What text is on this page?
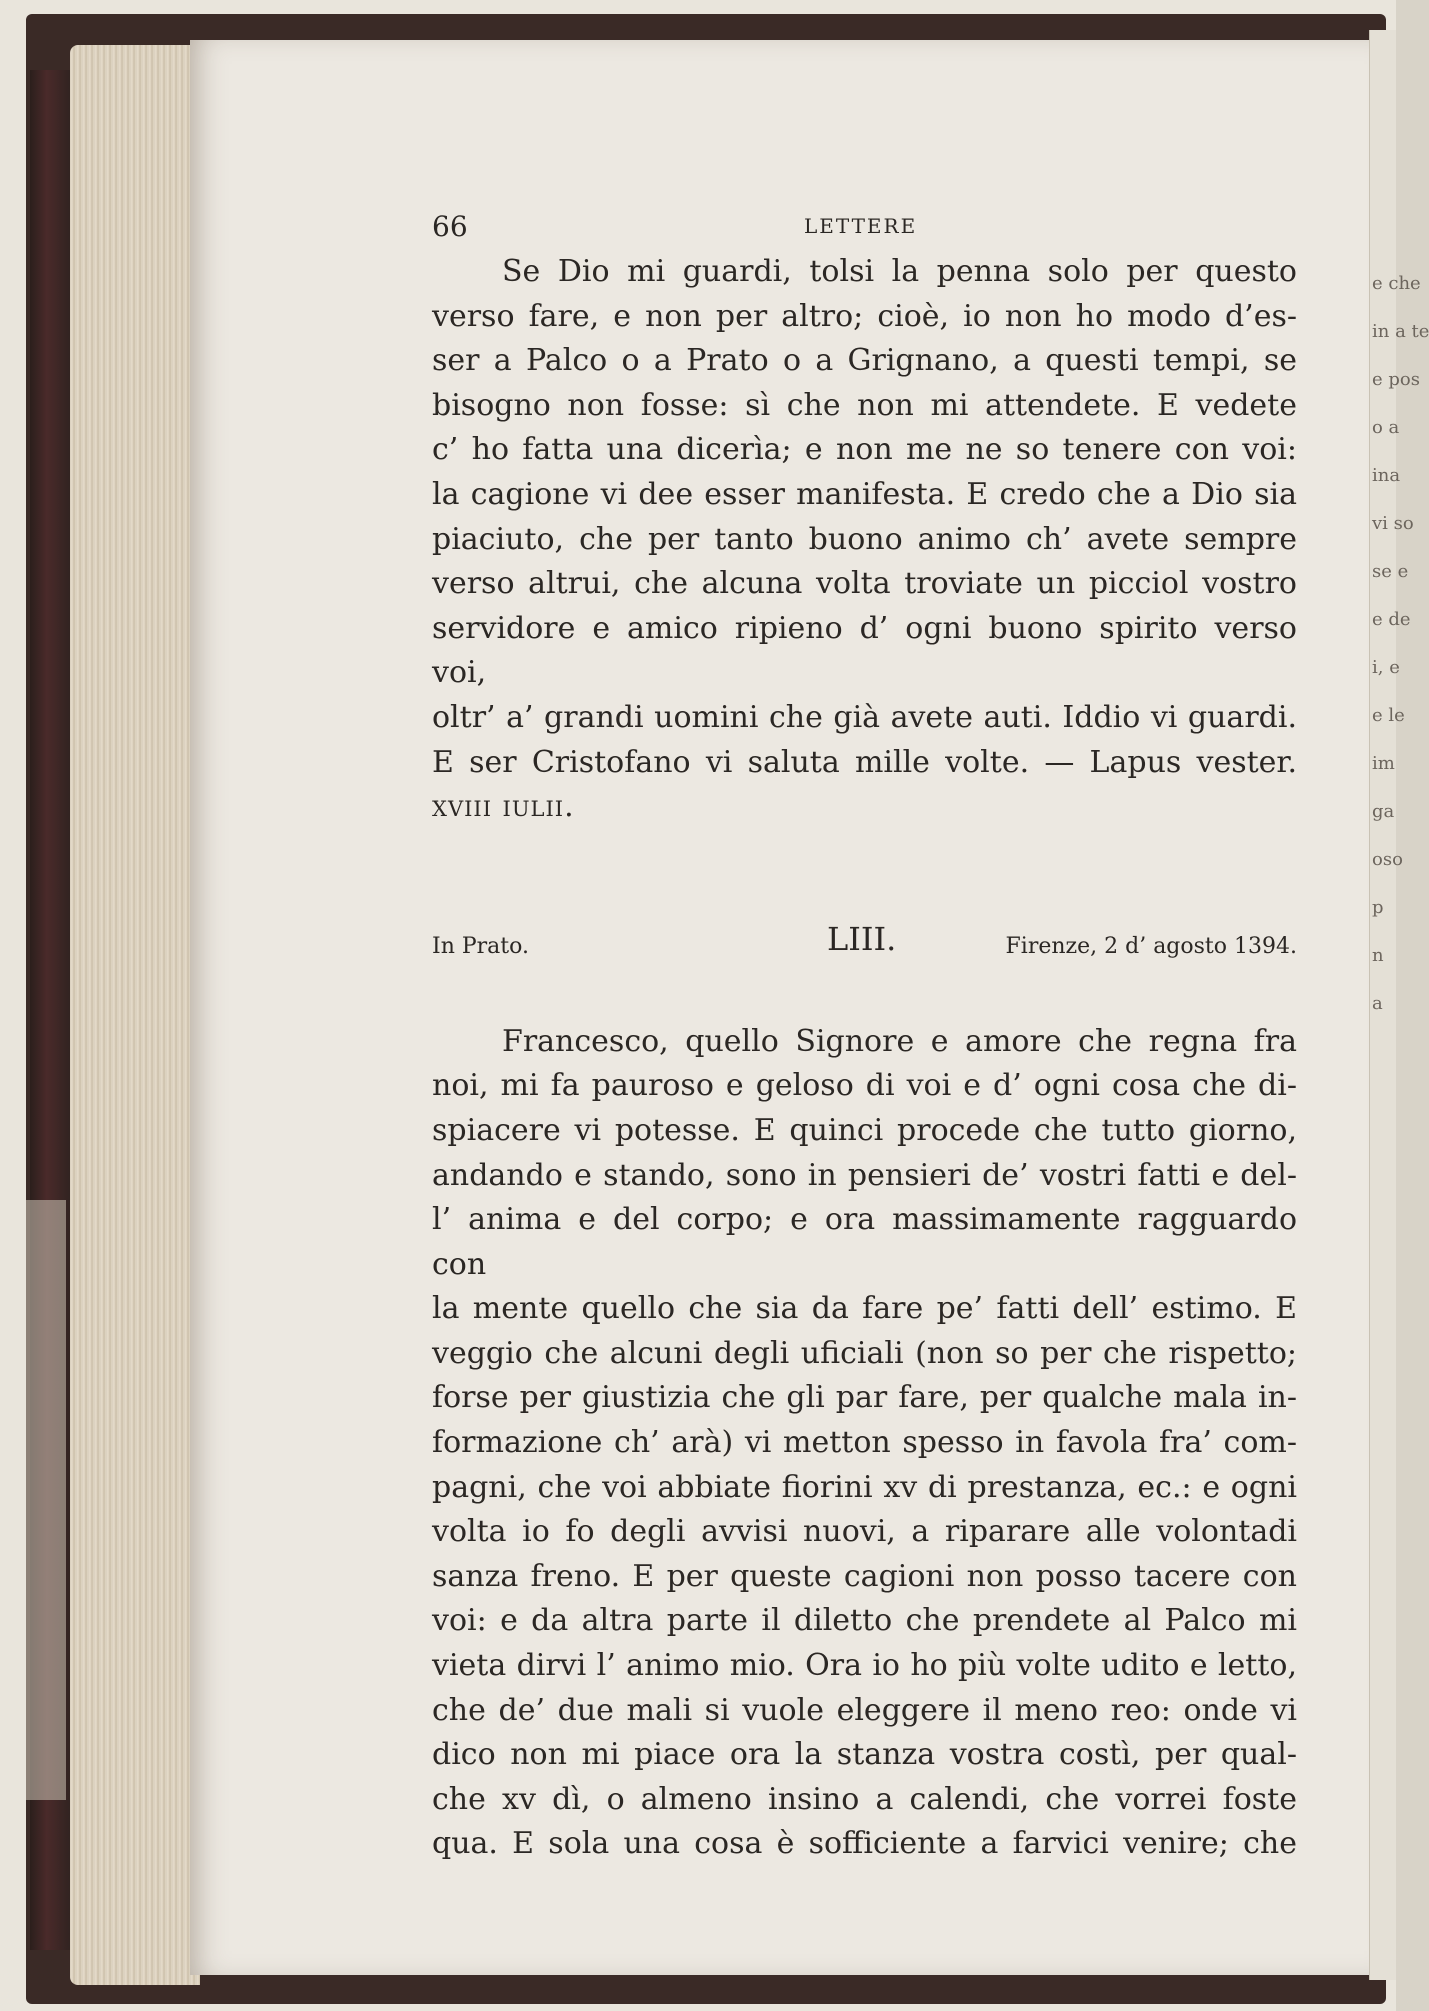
e che
in a te
e pos
o a
ina
vi so
se e
e de
i, e
e le
im
ga
oso
p
n
a
66	LETTERE

Se Dio mi guardi, tolsi la penna solo per questo
verso fare, e non per altro; cioè, io non ho modo d’es-
ser a Palco o a Prato o a Grignano, a questi tempi, se
bisogno non fosse: sì che non mi attendete. E vedete
c’ ho fatta una dicerìa; e non me ne so tenere con voi:
la cagione vi dee esser manifesta. E credo che a Dio sia
piaciuto, che per tanto buono animo ch’ avete sempre
verso altrui, che alcuna volta troviate un picciol vostro
servidore e amico ripieno d’ ogni buono spirito verso voi,
oltr’ a’ grandi uomini che già avete auti. Iddio vi guardi.
E ser Cristofano vi saluta mille volte. — Lapus vester.
xviii iulii.

In Prato.	LIII.	Firenze, 2 d’ agosto 1394.

Francesco, quello Signore e amore che regna fra
noi, mi fa pauroso e geloso di voi e d’ ogni cosa che di-
spiacere vi potesse. E quinci procede che tutto giorno,
andando e stando, sono in pensieri de’ vostri fatti e del-
l’ anima e del corpo; e ora massimamente ragguardo con
la mente quello che sia da fare pe’ fatti dell’ estimo. E
veggio che alcuni degli uficiali (non so per che rispetto;
forse per giustizia che gli par fare, per qualche mala in-
formazione ch’ arà) vi metton spesso in favola fra’ com-
pagni, che voi abbiate fiorini xv di prestanza, ec.: e ogni
volta io fo degli avvisi nuovi, a riparare alle volontadi
sanza freno. E per queste cagioni non posso tacere con
voi: e da altra parte il diletto che prendete al Palco mi
vieta dirvi l’ animo mio. Ora io ho più volte udito e letto,
che de’ due mali si vuole eleggere il meno reo: onde vi
dico non mi piace ora la stanza vostra costì, per qual-
che xv dì, o almeno insino a calendi, che vorrei foste
qua. E sola una cosa è sofficiente a farvici venire; che
